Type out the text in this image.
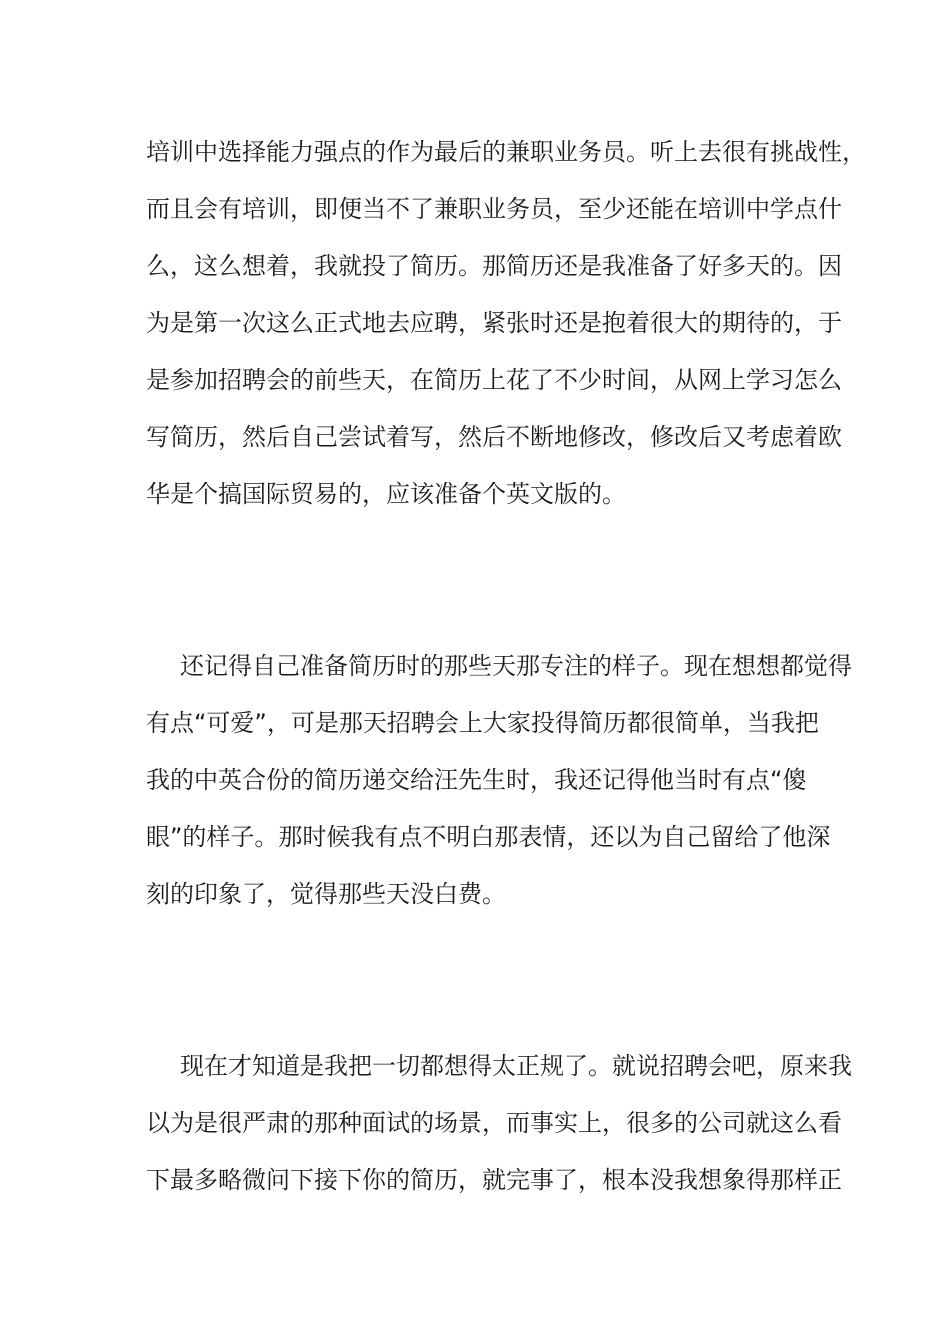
培训中选择能力强点的作为最后的兼职业务员。听上去很有挑战性，
而且会有培训，即便当不了兼职业务员，至少还能在培训中学点什
么，这么想着，我就投了简历。那简历还是我准备了好多天的。因
为是第一次这么正式地去应聘，紧张时还是抱着很大的期待的，于
是参加招聘会的前些天，在简历上花了不少时间，从网上学习怎么
写简历，然后自己尝试着写，然后不断地修改，修改后又考虑着欧
华是个搞国际贸易的，应该准备个英文版的。
还记得自己准备简历时的那些天那专注的样子。现在想想都觉得
有点“可爱”，可是那天招聘会上大家投得简历都很简单，当我把
我的中英合份的简历递交给汪先生时，我还记得他当时有点“傻
眼”的样子。那时候我有点不明白那表情，还以为自己留给了他深
刻的印象了，觉得那些天没白费。
现在才知道是我把一切都想得太正规了。就说招聘会吧，原来我
以为是很严肃的那种面试的场景，而事实上，很多的公司就这么看
下最多略微问下接下你的简历，就完事了，根本没我想象得那样正
